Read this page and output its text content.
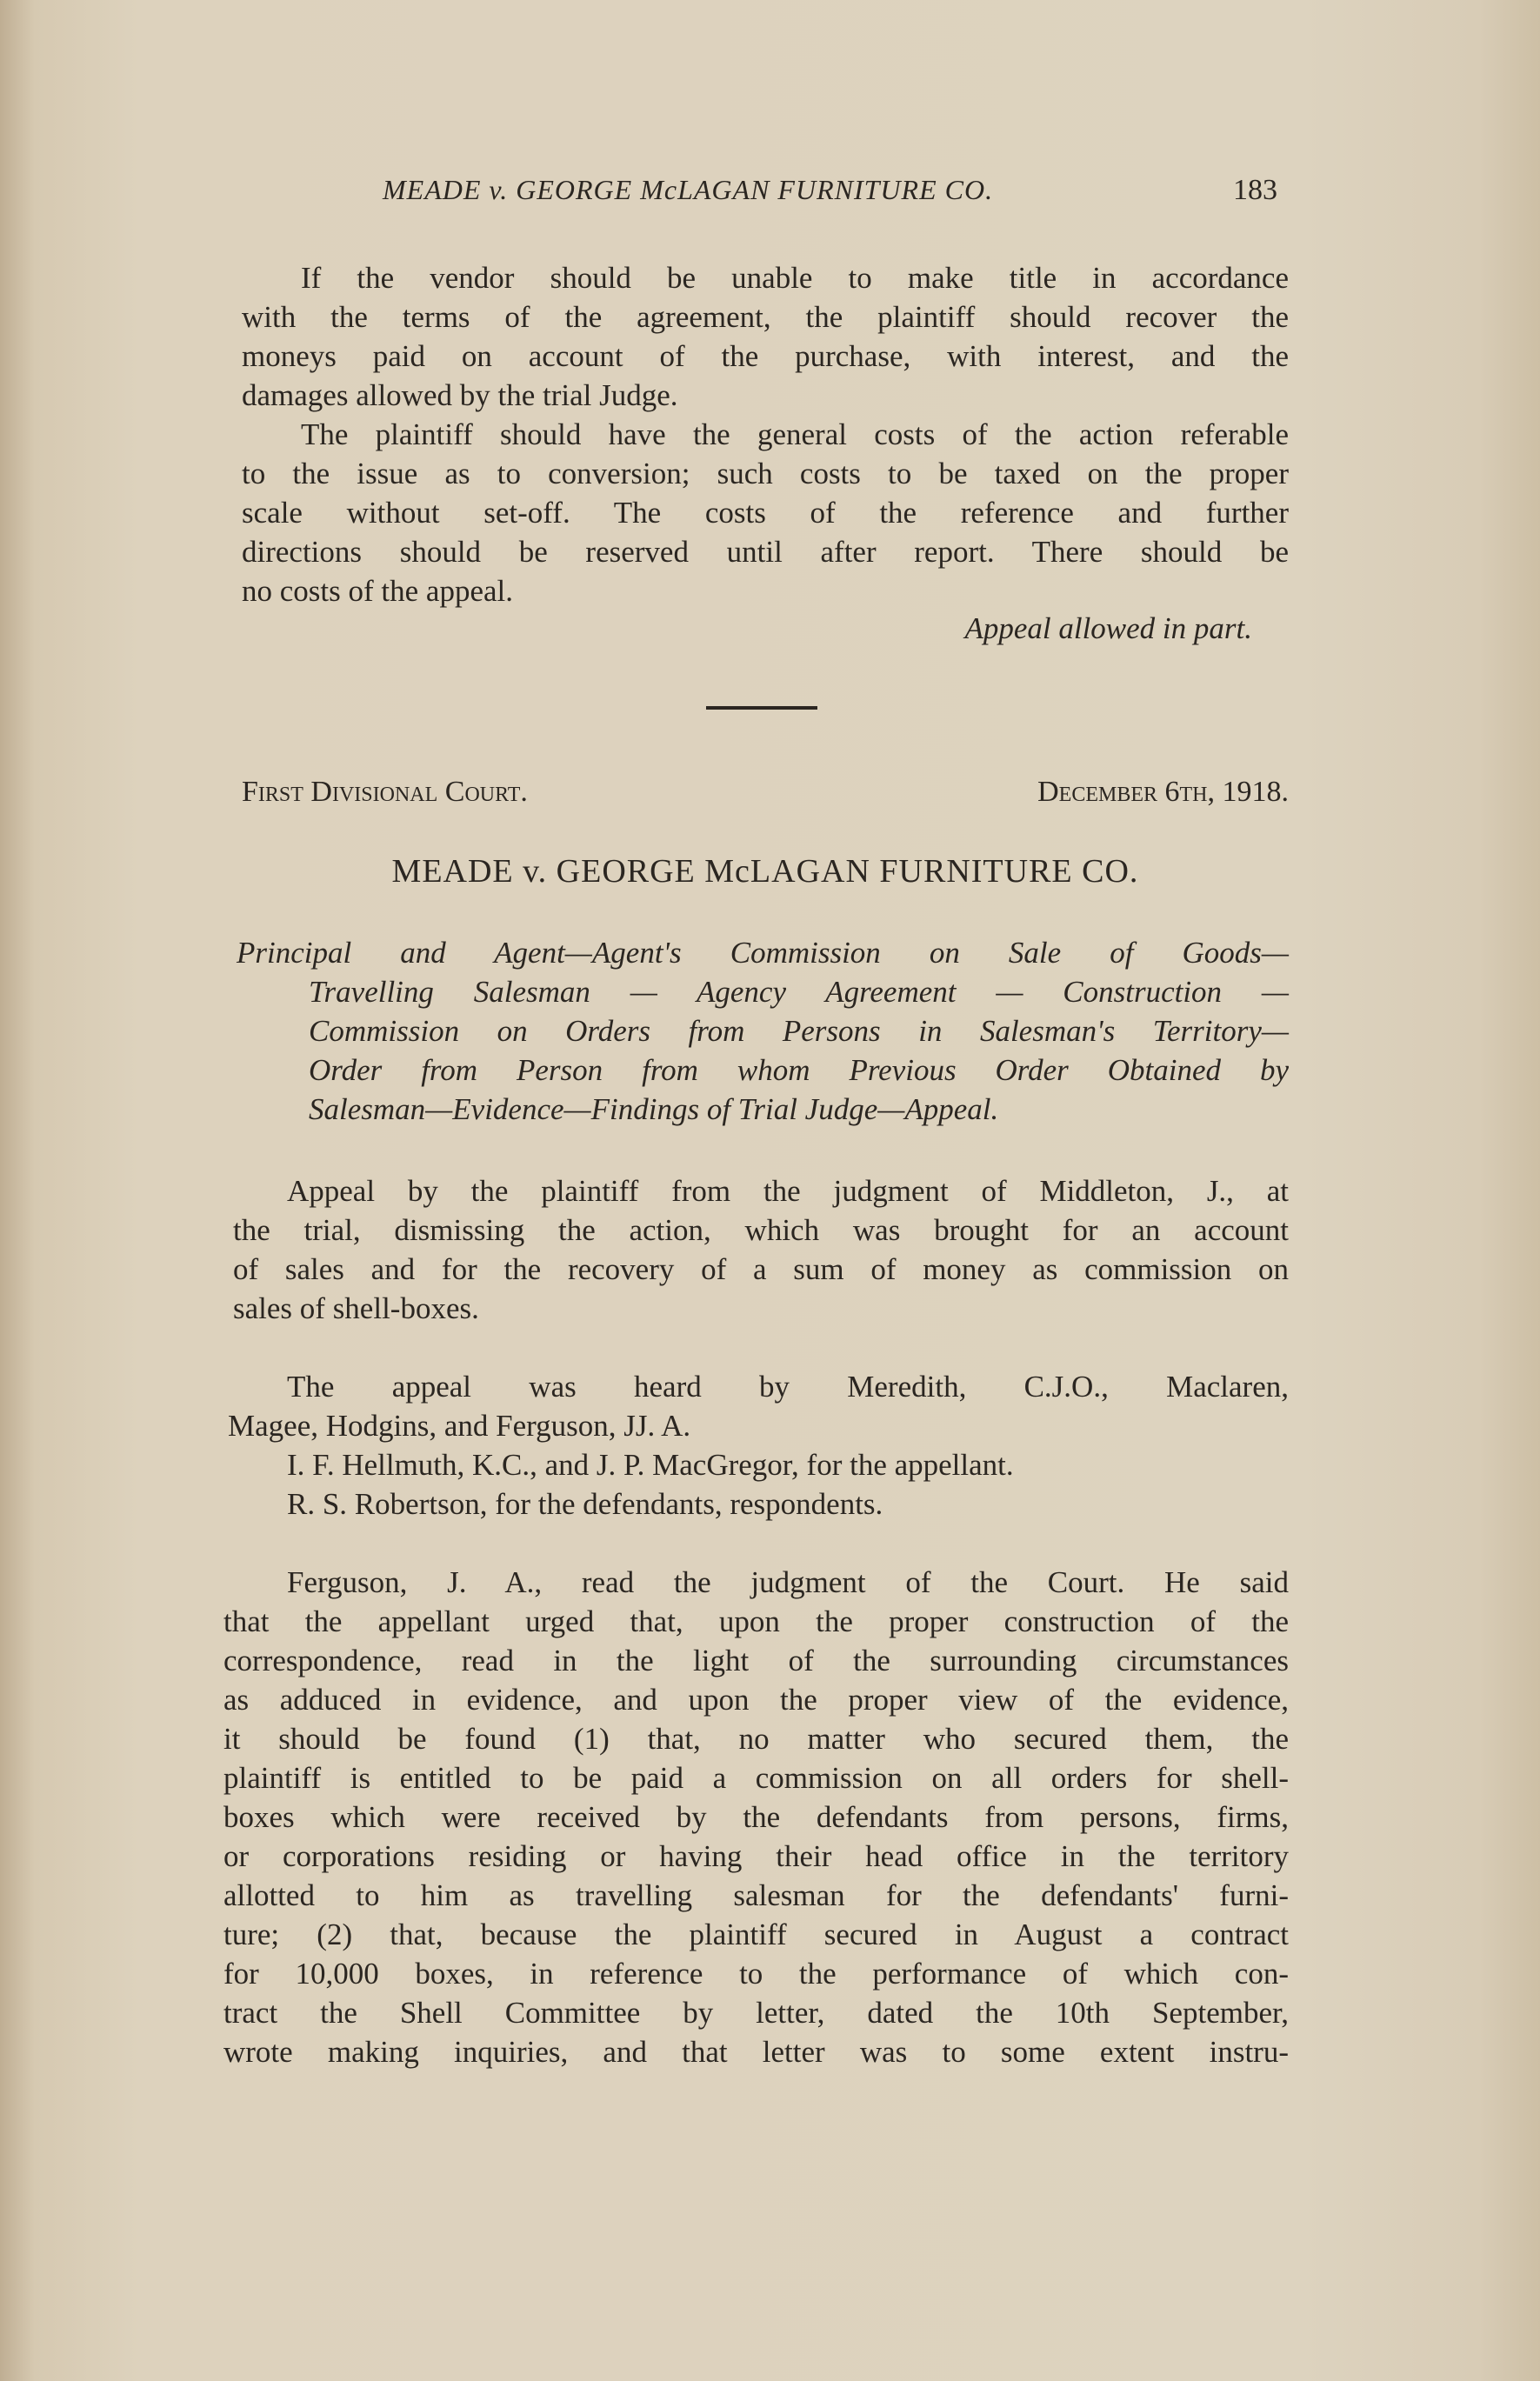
MEADE v. GEORGE McLAGAN FURNITURE CO.	183
If the vendor should be unable to make title in accordance
with the terms of the agreement, the plaintiff should recover the
moneys paid on account of the purchase, with interest, and the
damages allowed by the trial Judge.
The plaintiff should have the general costs of the action referable
to the issue as to conversion; such costs to be taxed on the proper
scale without set-off. The costs of the reference and further
directions should be reserved until after report. There should be
no costs of the appeal.
Appeal allowed in part.
First Divisional Court.	December 6th, 1918.
MEADE v. GEORGE McLAGAN FURNITURE CO.
Principal and Agent—Agent's Commission on Sale of Goods—
Travelling Salesman — Agency Agreement — Construction —
Commission on Orders from Persons in Salesman's Territory—
Order from Person from whom Previous Order Obtained by
Salesman—Evidence—Findings of Trial Judge—Appeal.
Appeal by the plaintiff from the judgment of Middleton, J., at
the trial, dismissing the action, which was brought for an account
of sales and for the recovery of a sum of money as commission on
sales of shell-boxes.
The appeal was heard by Meredith, C.J.O., Maclaren,
Magee, Hodgins, and Ferguson, JJ. A.
I. F. Hellmuth, K.C., and J. P. MacGregor, for the appellant.
R. S. Robertson, for the defendants, respondents.
Ferguson, J. A., read the judgment of the Court. He said
that the appellant urged that, upon the proper construction of the
correspondence, read in the light of the surrounding circumstances
as adduced in evidence, and upon the proper view of the evidence,
it should be found (1) that, no matter who secured them, the
plaintiff is entitled to be paid a commission on all orders for shell-
boxes which were received by the defendants from persons, firms,
or corporations residing or having their head office in the territory
allotted to him as travelling salesman for the defendants' furni-
ture; (2) that, because the plaintiff secured in August a contract
for 10,000 boxes, in reference to the performance of which con-
tract the Shell Committee by letter, dated the 10th September,
wrote making inquiries, and that letter was to some extent instru-
